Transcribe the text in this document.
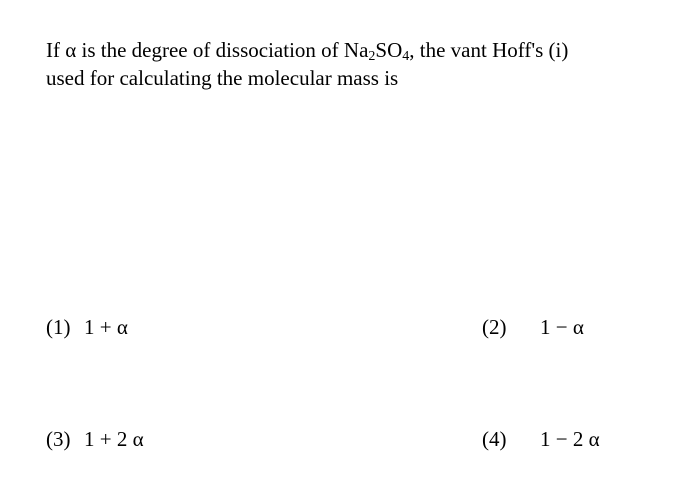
If α is the degree of dissociation of $Na_2SO_4$, the vant Hoff's (i)
used for calculating the molecular mass is
(1) 1 + α	(2) 1 − α
(3) 1 + 2 α	(4) 1 − 2 α
